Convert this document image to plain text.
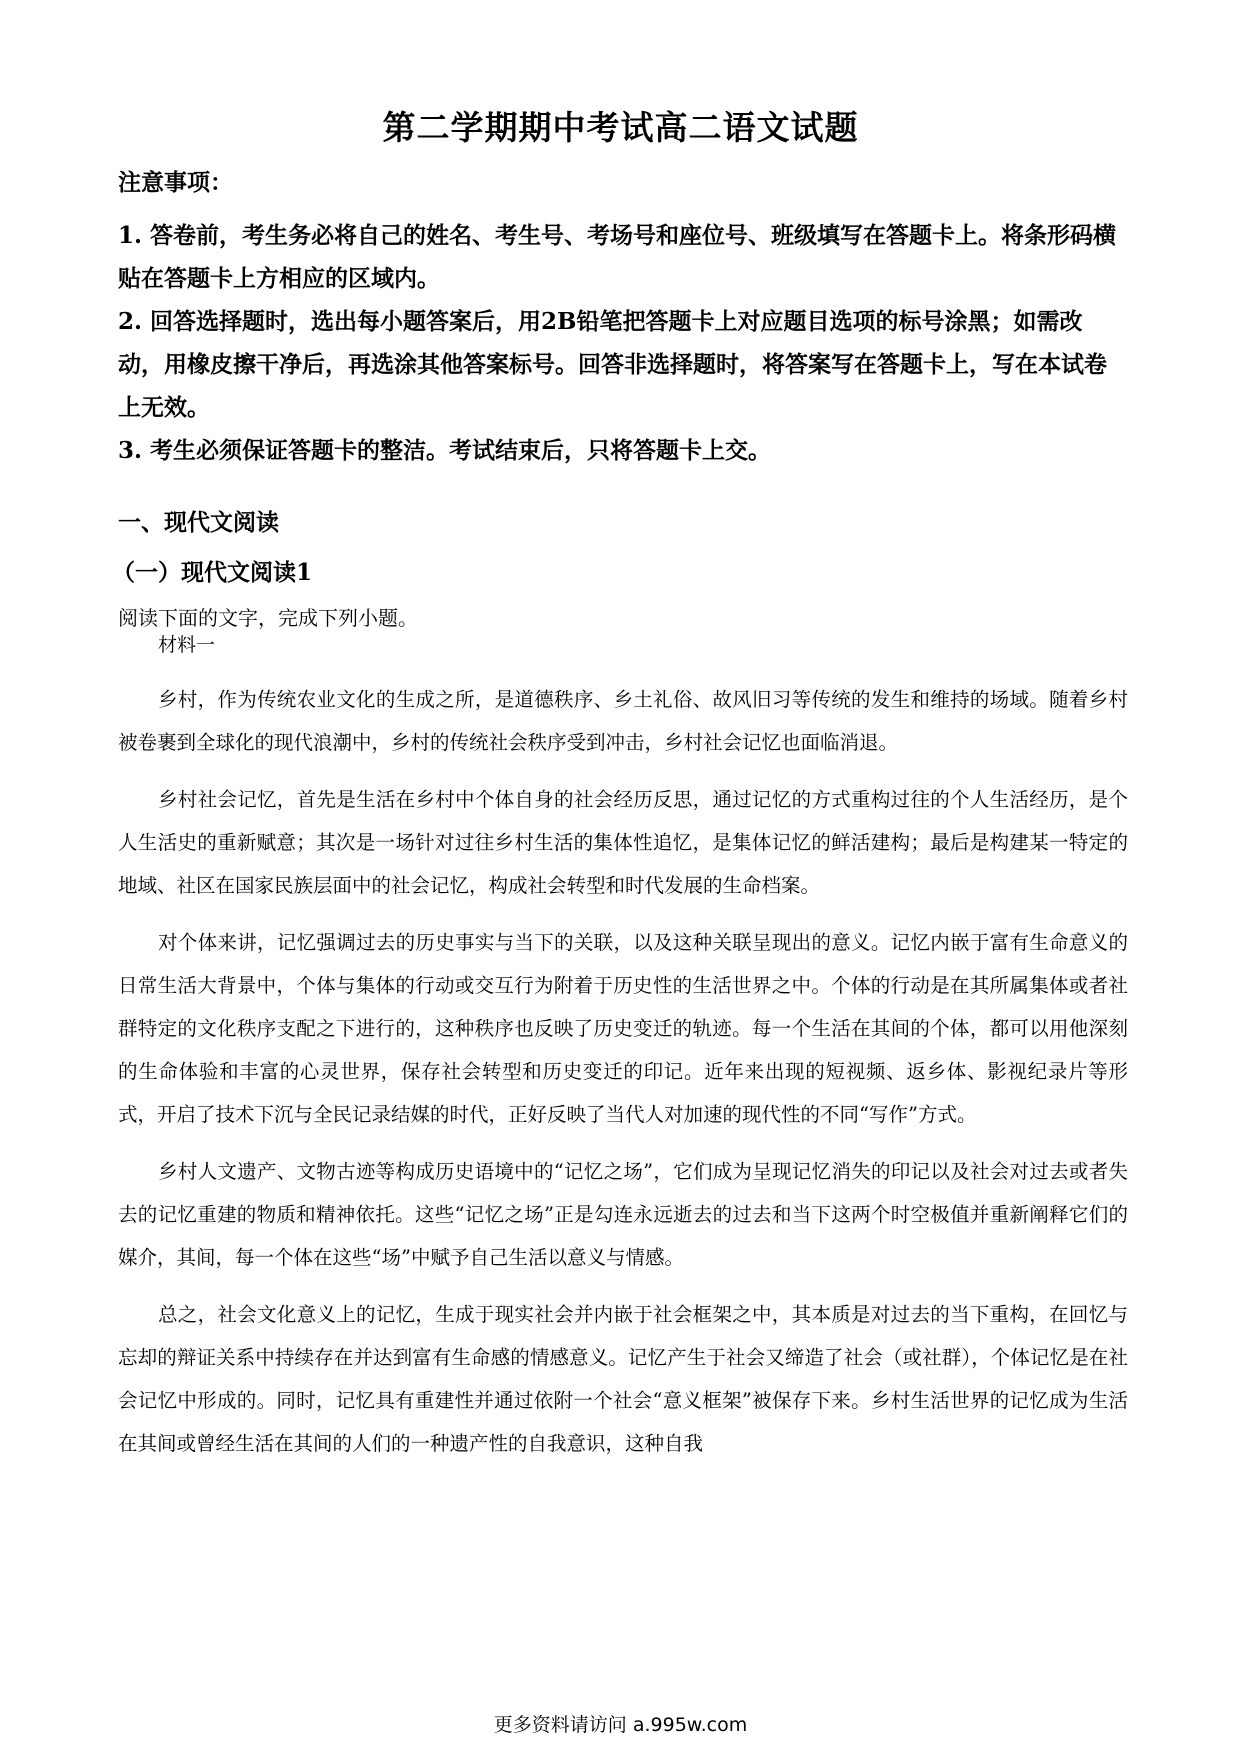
第二学期期中考试高二语文试题

注意事项：

1. 答卷前，考生务必将自己的姓名、考生号、考场号和座位号、班级填写在答题卡上。将条形码横贴在答题卡上方相应的区域内。

2. 回答选择题时，选出每小题答案后，用2B铅笔把答题卡上对应题目选项的标号涂黑；如需改动，用橡皮擦干净后，再选涂其他答案标号。回答非选择题时，将答案写在答题卡上，写在本试卷上无效。

3. 考生必须保证答题卡的整洁。考试结束后，只将答题卡上交。

一、现代文阅读

（一）现代文阅读1

阅读下面的文字，完成下列小题。

材料一

乡村，作为传统农业文化的生成之所，是道德秩序、乡土礼俗、故风旧习等传统的发生和维持的场域。随着乡村被卷裹到全球化的现代浪潮中，乡村的传统社会秩序受到冲击，乡村社会记忆也面临消退。

乡村社会记忆，首先是生活在乡村中个体自身的社会经历反思，通过记忆的方式重构过往的个人生活经历，是个人生活史的重新赋意；其次是一场针对过往乡村生活的集体性追忆，是集体记忆的鲜活建构；最后是构建某一特定的地域、社区在国家民族层面中的社会记忆，构成社会转型和时代发展的生命档案。

对个体来讲，记忆强调过去的历史事实与当下的关联，以及这种关联呈现出的意义。记忆内嵌于富有生命意义的日常生活大背景中，个体与集体的行动或交互行为附着于历史性的生活世界之中。个体的行动是在其所属集体或者社群特定的文化秩序支配之下进行的，这种秩序也反映了历史变迁的轨迹。每一个生活在其间的个体，都可以用他深刻的生命体验和丰富的心灵世界，保存社会转型和历史变迁的印记。近年来出现的短视频、返乡体、影视纪录片等形式，开启了技术下沉与全民记录结媒的时代，正好反映了当代人对加速的现代性的不同“写作”方式。

乡村人文遗产、文物古迹等构成历史语境中的“记忆之场”，它们成为呈现记忆消失的印记以及社会对过去或者失去的记忆重建的物质和精神依托。这些“记忆之场”正是勾连永远逝去的过去和当下这两个时空极值并重新阐释它们的媒介，其间，每一个体在这些“场”中赋予自己生活以意义与情感。

总之，社会文化意义上的记忆，生成于现实社会并内嵌于社会框架之中，其本质是对过去的当下重构，在回忆与忘却的辩证关系中持续存在并达到富有生命感的情感意义。记忆产生于社会又缔造了社会（或社群），个体记忆是在社会记忆中形成的。同时，记忆具有重建性并通过依附一个社会“意义框架”被保存下来。乡村生活世界的记忆成为生活在其间或曾经生活在其间的人们的一种遗产性的自我意识，这种自我

更多资料请访问 a.995w.com
